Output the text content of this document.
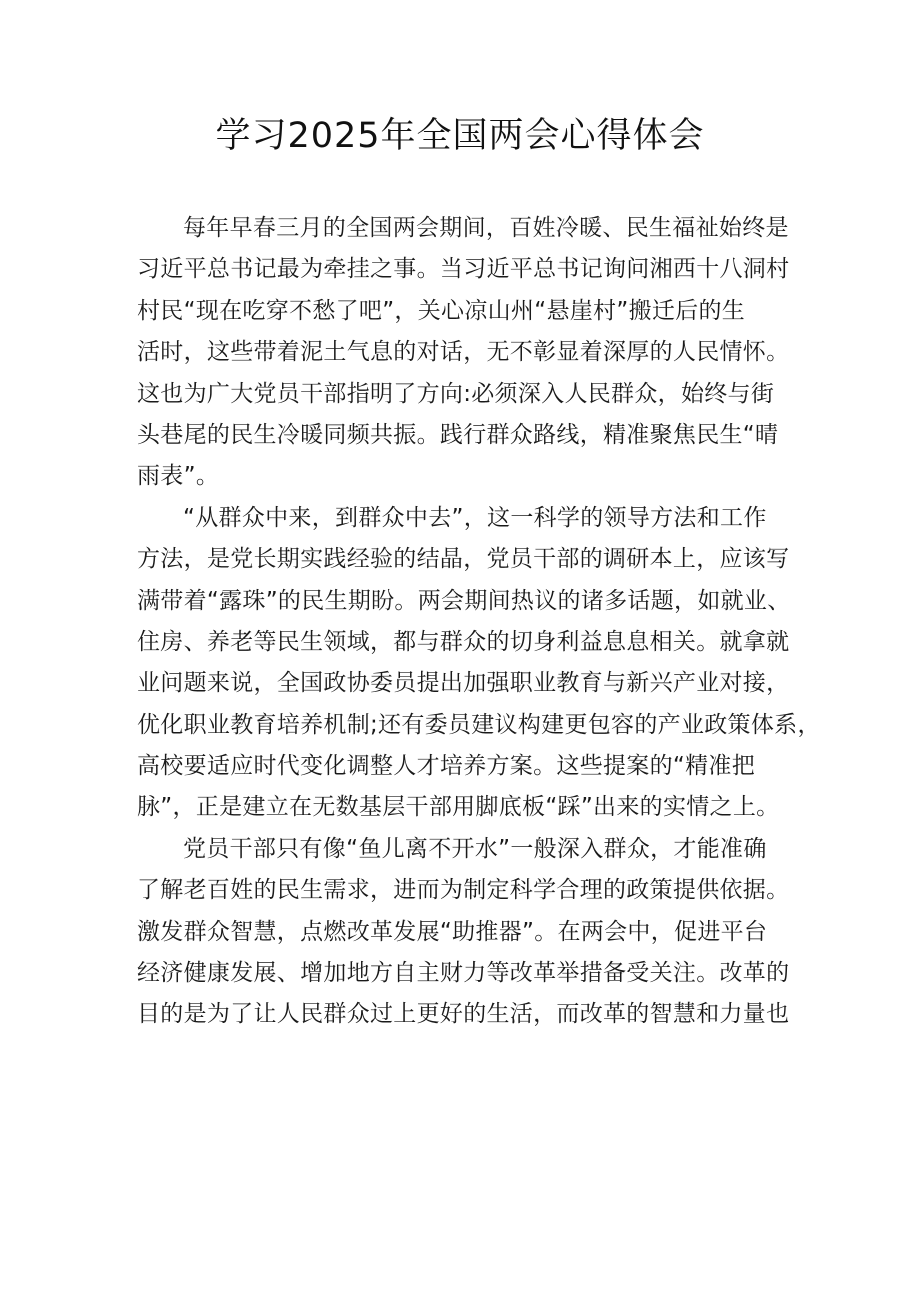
学习2025年全国两会心得体会
每年早春三月的全国两会期间，百姓冷暖、民生福祉始终是
习近平总书记最为牵挂之事。当习近平总书记询问湘西十八洞村
村民“现在吃穿不愁了吧”，关心凉山州“悬崖村”搬迁后的生
活时，这些带着泥土气息的对话，无不彰显着深厚的人民情怀。
这也为广大党员干部指明了方向:必须深入人民群众，始终与街
头巷尾的民生冷暖同频共振。践行群众路线，精准聚焦民生“晴
雨表”。
“从群众中来，到群众中去”，这一科学的领导方法和工作
方法，是党长期实践经验的结晶，党员干部的调研本上，应该写
满带着“露珠”的民生期盼。两会期间热议的诸多话题，如就业、
住房、养老等民生领域，都与群众的切身利益息息相关。就拿就
业问题来说，全国政协委员提出加强职业教育与新兴产业对接，
优化职业教育培养机制;还有委员建议构建更包容的产业政策体系，
高校要适应时代变化调整人才培养方案。这些提案的“精准把
脉”，正是建立在无数基层干部用脚底板“踩”出来的实情之上。
党员干部只有像“鱼儿离不开水”一般深入群众，才能准确
了解老百姓的民生需求，进而为制定科学合理的政策提供依据。
激发群众智慧，点燃改革发展“助推器”。在两会中，促进平台
经济健康发展、增加地方自主财力等改革举措备受关注。改革的
目的是为了让人民群众过上更好的生活，而改革的智慧和力量也
